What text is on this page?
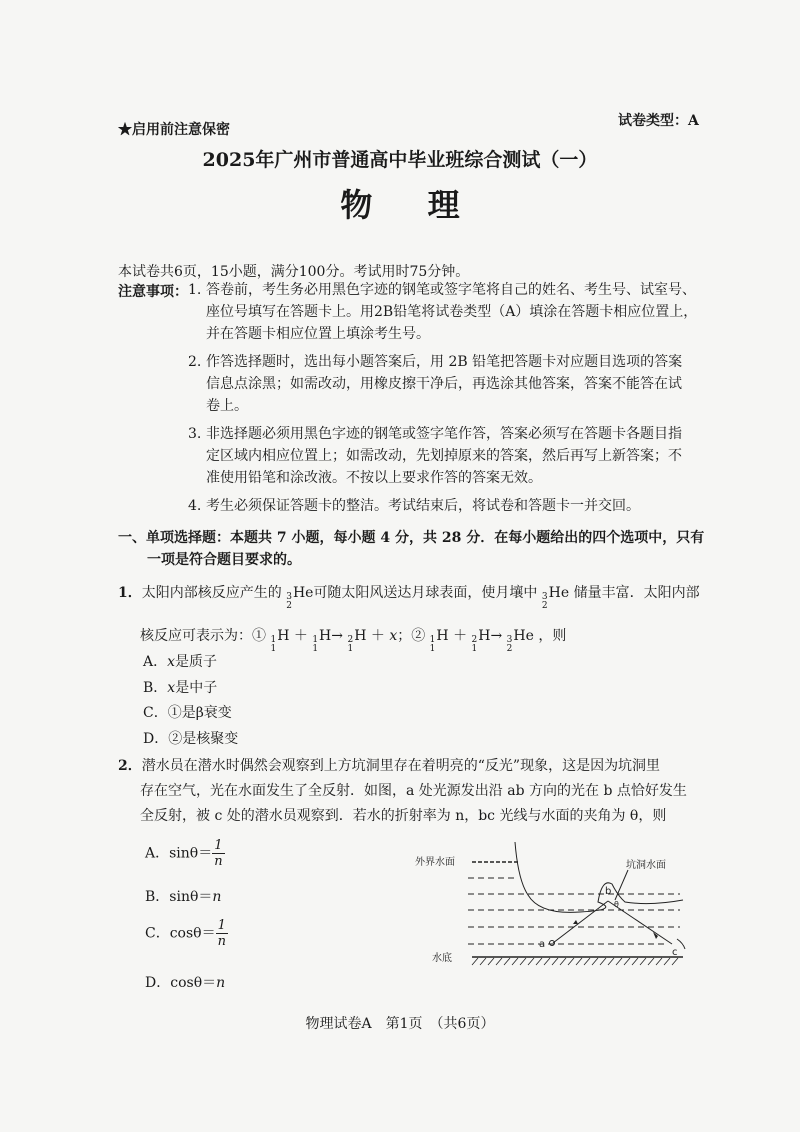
★启用前注意保密
试卷类型：A
2025年广州市普通高中毕业班综合测试（一）
物 理
本试卷共6页，15小题，满分100分。考试用时75分钟。
注意事项： 1. 答卷前，考生务必用黑色字迹的钢笔或签字笔将自己的姓名、考生号、试室号、
座位号填写在答题卡上。用2B铅笔将试卷类型（A）填涂在答题卡相应位置上，
并在答题卡相应位置上填涂考生号。
2. 作答选择题时，选出每小题答案后，用 2B 铅笔把答题卡对应题目选项的答案
信息点涂黑；如需改动，用橡皮擦干净后，再选涂其他答案，答案不能答在试
卷上。
3. 非选择题必须用黑色字迹的钢笔或签字笔作答，答案必须写在答题卡各题目指
定区域内相应位置上；如需改动，先划掉原来的答案，然后再写上新答案；不
准使用铅笔和涂改液。不按以上要求作答的答案无效。
4. 考生必须保证答题卡的整洁。考试结束后，将试卷和答题卡一并交回。
一、单项选择题：本题共 7 小题，每小题 4 分，共 28 分．在每小题给出的四个选项中，只有
一项是符合题目要求的。
1．太阳内部核反应产生的 3
2
He可随太阳风送达月球表面，使月壤中 3
2
He 储量丰富．太阳内部
核反应可表示为：① 1
1
H ＋ 1
1
H→ 2
1
H ＋ x；② 1
1
H ＋ 2
1
H→ 3
2
He ，则
A．x是质子
B．x是中子
C．①是β衰变
D．②是核聚变
2．潜水员在潜水时偶然会观察到上方坑洞里存在着明亮的“反光”现象，这是因为坑洞里
存在空气，光在水面发生了全反射．如图，a 处光源发出沿 ab 方向的光在 b 点恰好发生
全反射，被 c 处的潜水员观察到．若水的折射率为 n，bc 光线与水面的夹角为 θ，则
A．$\sin\theta= \frac{1}{n}$
B．sinθ＝n
C．$\cos\theta= \frac{1}{n}$
D．cosθ＝n
外界水面	坑洞水面
水底
a
b
c
θ
物理试卷A　第1页　（共6页）
